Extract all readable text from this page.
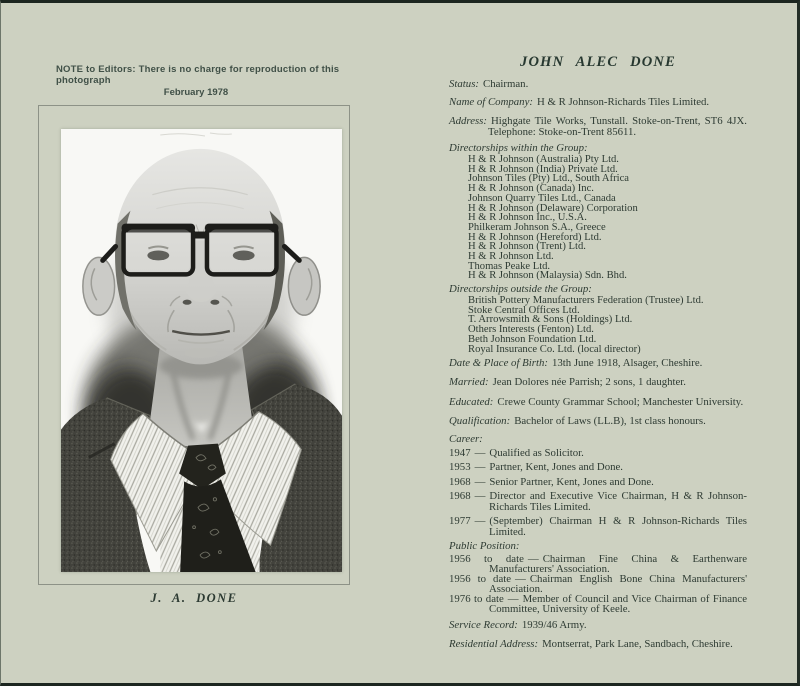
NOTE to Editors: There is no charge for reproduction of this photograph
February 1978
J. A. DONE
JOHN ALEC DONE

Status: Chairman.

Name of Company: H & R Johnson-Richards Tiles Limited.

Address: Highgate Tile Works, Tunstall. Stoke-on-Trent, ST6 4JX.
Telephone: Stoke-on-Trent 85611.

Directorships within the Group:

H & R Johnson (Australia) Pty Ltd.

H & R Johnson (India) Private Ltd.

Johnson Tiles (Pty) Ltd., South Africa

H & R Johnson (Canada) Inc.

Johnson Quarry Tiles Ltd., Canada

H & R Johnson (Delaware) Corporation

H & R Johnson Inc., U.S.A.

Philkeram Johnson S.A., Greece

H & R Johnson (Hereford) Ltd.

H & R Johnson (Trent) Ltd.

H & R Johnson Ltd.

Thomas Peake Ltd.

H & R Johnson (Malaysia) Sdn. Bhd.

Directorships outside the Group:

British Pottery Manufacturers Federation (Trustee) Ltd.

Stoke Central Offices Ltd.

T. Arrowsmith & Sons (Holdings) Ltd.

Others Interests (Fenton) Ltd.

Beth Johnson Foundation Ltd.

Royal Insurance Co. Ltd. (local director)

Date & Place of Birth: 13th June 1918, Alsager, Cheshire.

Married: Jean Dolores née Parrish; 2 sons, 1 daughter.

Educated: Crewe County Grammar School; Manchester University.

Qualification: Bachelor of Laws (LL.B), 1st class honours.

Career:

1947 — Qualified as Solicitor.

1953 — Partner, Kent, Jones and Done.

1968 — Senior Partner, Kent, Jones and Done.

1968 — Director and Executive Vice Chairman, H & R Johnson-Richards Tiles Limited.

1977 — (September) Chairman H & R Johnson-Richards Tiles Limited.

Public Position:

1956 to date — Chairman Fine China & Earthenware Manufacturers' Association.

1956 to date — Chairman English Bone China Manufacturers' Association.

1976 to date — Member of Council and Vice Chairman of Finance Committee, University of Keele.

Service Record: 1939/46 Army.

Residential Address: Montserrat, Park Lane, Sandbach, Cheshire.
